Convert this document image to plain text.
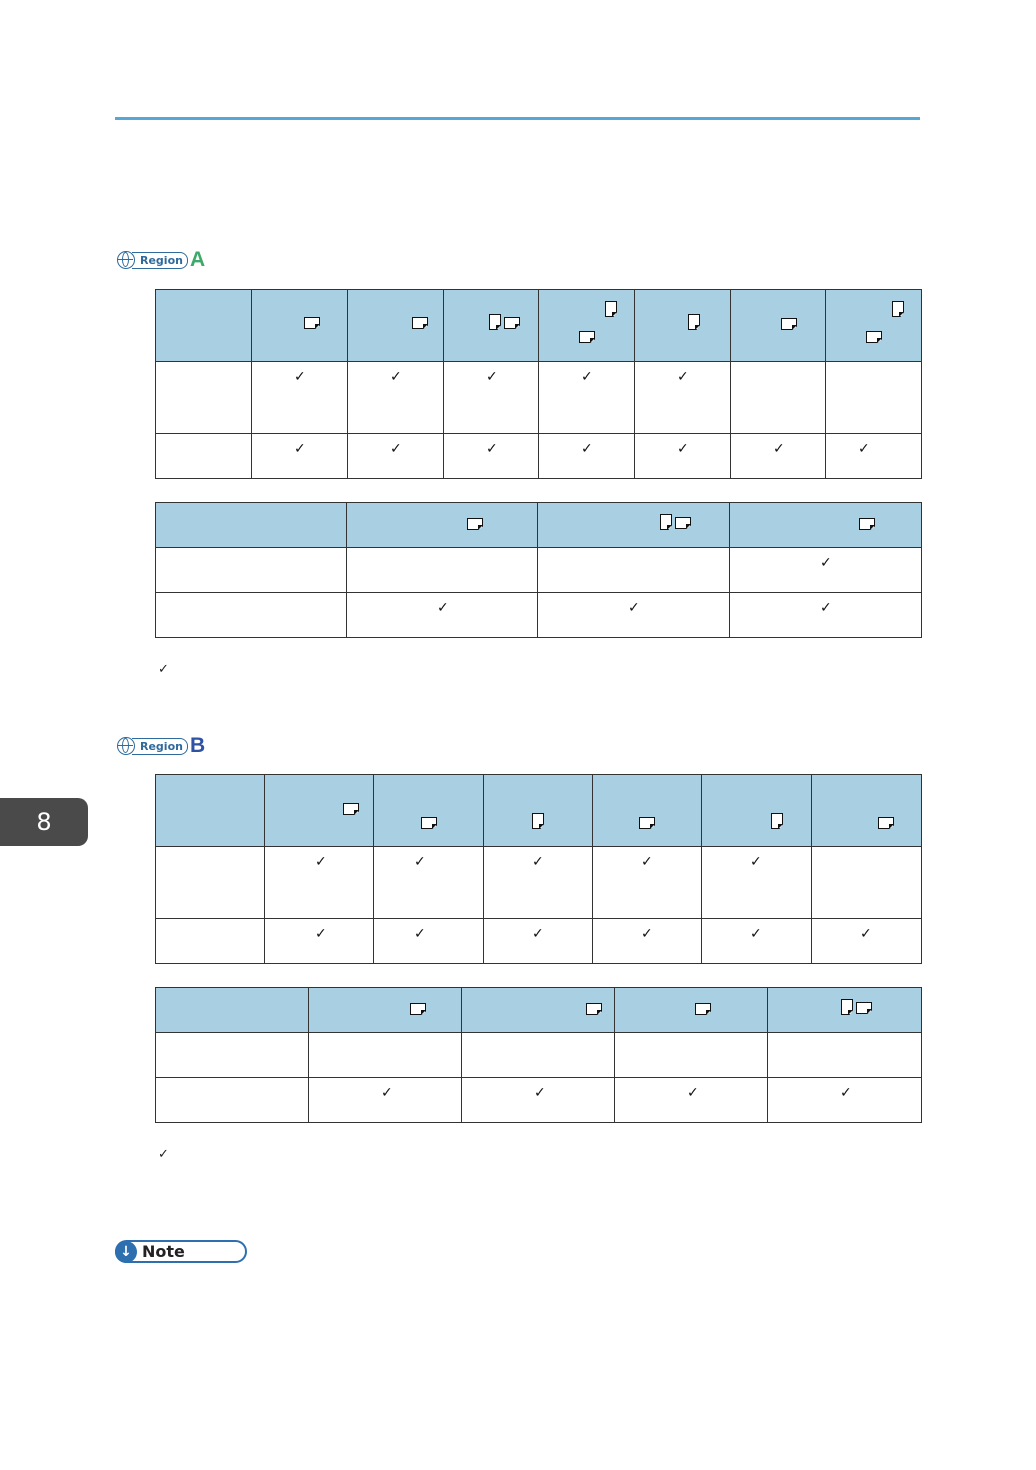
Region A

	✓	✓	✓	✓	✓		

	✓	✓	✓	✓	✓	✓	✓

			✓

	✓	✓	✓
✓
Region B
8

	✓	✓	✓	✓	✓	

	✓	✓	✓	✓	✓	✓

	✓	✓	✓	✓
✓
↓ Note
